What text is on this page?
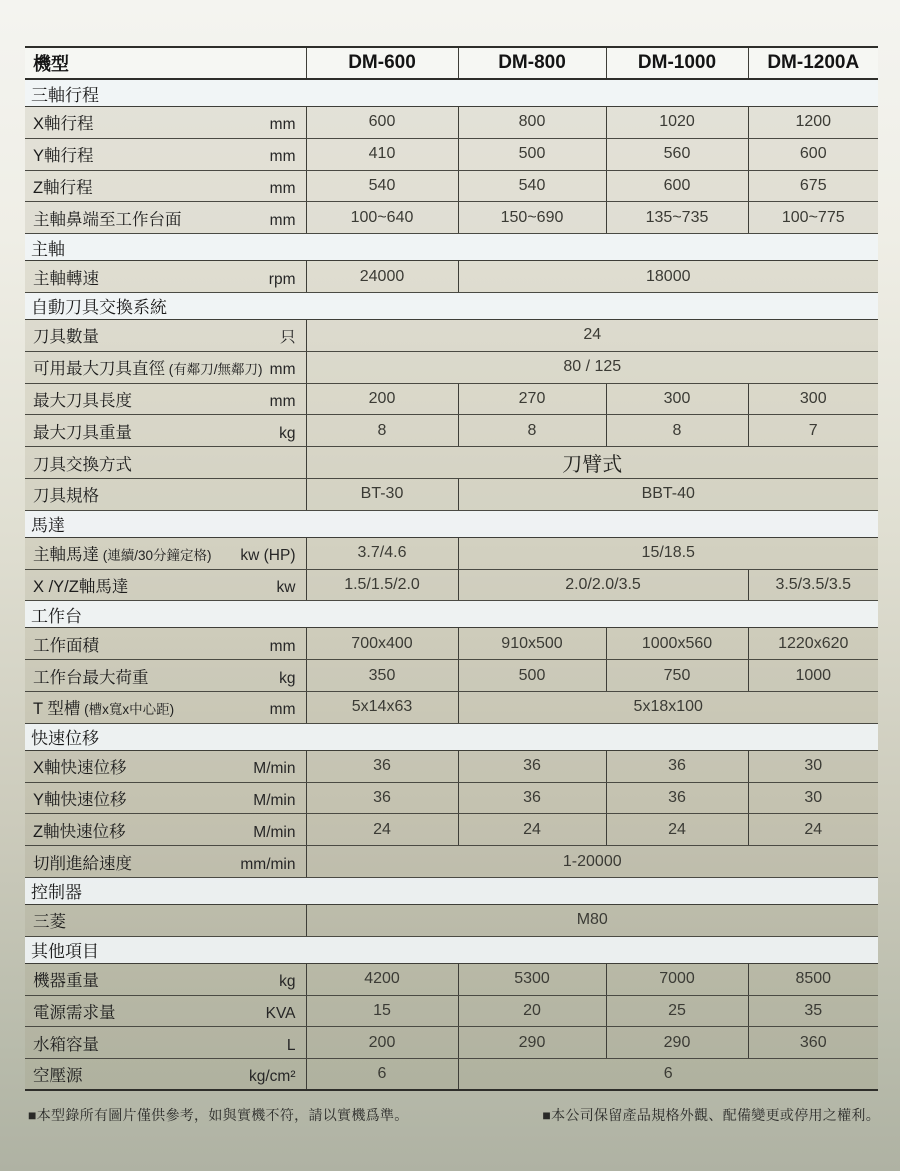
機型	DM-600	DM-800	DM-1000	DM-1200A
三軸行程				

X軸行程 mm	600	800	1020	1200

Y軸行程 mm	410	500	560	600

Z軸行程 mm	540	540	600	675

主軸鼻端至工作台面 mm	100~640	150~690	135~735	100~775
主軸				

主軸轉速 rpm	24000	18000		
自動刀具交換系統				

刀具數量 只	24			

可用最大刀具直徑 (有鄰刀/無鄰刀) mm	80 / 125			

最大刀具長度 mm	200	270	300	300

最大刀具重量 kg	8	8	8	7

刀具交換方式	刀臂式			

刀具規格	BT-30	BBT-40		
馬達				

主軸馬達 (連續/30分鐘定格) kw (HP)	3.7/4.6	15/18.5		

X /Y/Z軸馬達 kw	1.5/1.5/2.0	2.0/2.0/3.5		3.5/3.5/3.5
工作台				

工作面積 mm	700x400	910x500	1000x560	1220x620

工作台最大荷重 kg	350	500	750	1000

T 型槽 (槽x寬x中心距) mm	5x14x63	5x18x100		
快速位移				

X軸快速位移 M/min	36	36	36	30

Y軸快速位移 M/min	36	36	36	30

Z軸快速位移 M/min	24	24	24	24

切削進給速度 mm/min	1-20000			
控制器				

三菱	M80			
其他項目				

機器重量 kg	4200	5300	7000	8500

電源需求量 KVA	15	20	25	35

水箱容量 L	200	290	290	360

空壓源 kg/cm²	6	6		
■本型錄所有圖片僅供參考，如與實機不符，請以實機爲準。	■本公司保留產品規格外觀、配備變更或停用之權利。
